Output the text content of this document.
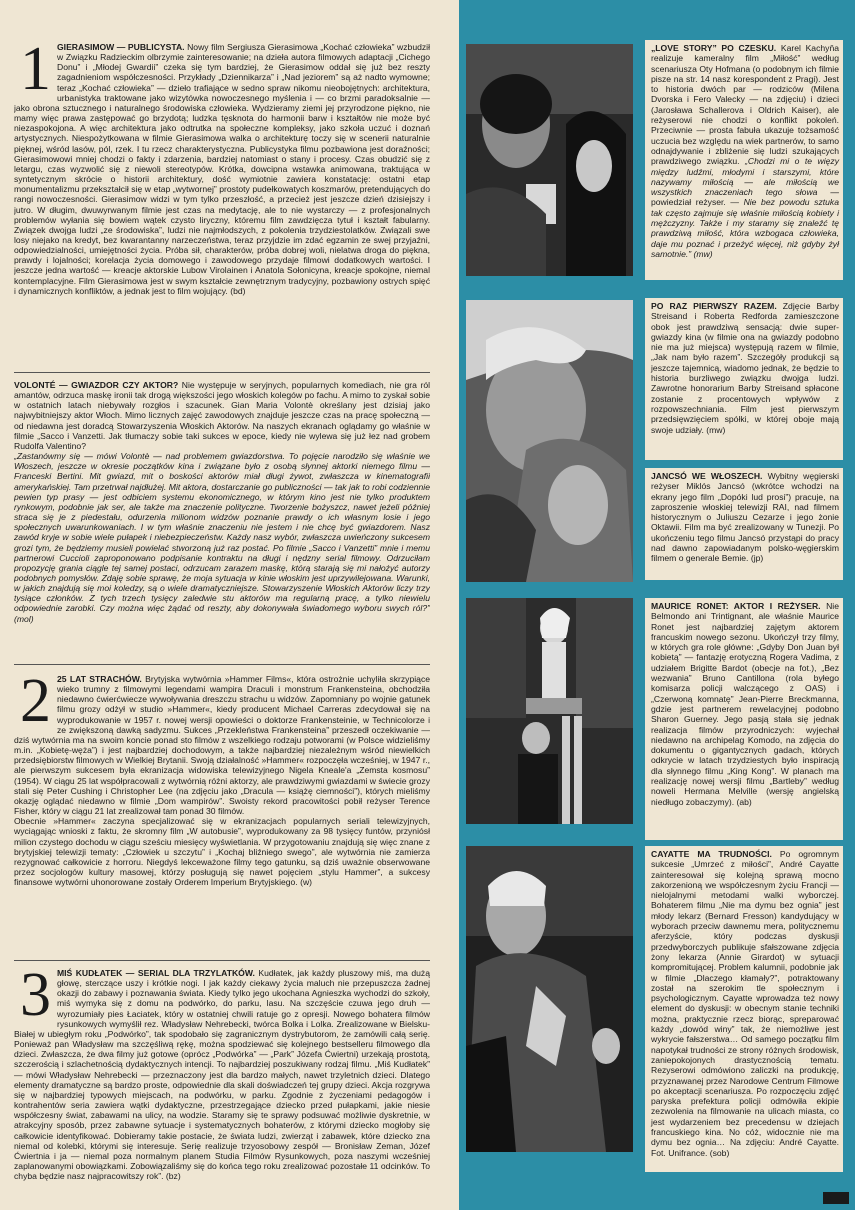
1 GIERASIMOW — PUBLICYSTA. Nowy film Sergiusza Gierasimowa „Kochać człowieka” wzbudził w Związku Radzieckim olbrzymie zainteresowanie; na dzieła autora filmowych adaptacji „Cichego Donu” i „Młodej Gwardii” czeka się tym bardziej, że Gierasimow oddał się już bez reszty zagadnieniom współczesności. Przykłady „Dziennikarza” i „Nad jeziorem” są aż nadto wymowne; teraz „Kochać człowieka” — dzieło trafiające w sedno spraw nikomu nieobojętnych: architektura, urbanistyka traktowane jako wizytówka nowoczesnego myślenia i — co brzmi paradoksalnie — jako obrona sztucznego i naturalnego środowiska człowieka. Wydzieramy ziemi jej przyrodzone piękno, nie mamy więc prawa zastępować go brzydotą; ludzka tęsknota do harmonii barw i kształtów nie może być niezaspokojona. A więc architektura jako odtrutka na społeczne kompleksy, jako szkoła uczuć i doznań artystycznych. Niespożytkowana w filmie Gierasimowa walka o architekturę toczy się w scenerii naturalnie pięknej, wśród lasów, pól, rzek. I tu rzecz charakterystyczna. Publicystyka filmu pozbawiona jest doraźności; Gierasimowowi mniej chodzi o fakty i zdarzenia, bardziej natomiast o stany i procesy. Czas obudzić się z letargu, czas wyzwolić się z niewoli stereotypów. Krótka, dowcipna wstawka animowana, traktująca w syntetycznym skrócie o historii architektury, dość wymiotnie zawiera konstatację: ostatni etap monumentalizmu przekształcił się w etap „wytwornej” prostoty pudełkowatych koszmarów, pretendujących do rangi nowoczesności. Gierasimow widzi w tym tylko przeszłość, a przecież jest jeszcze dzień dzisiejszy i jutro. W długim, dwuwyrwanym filmie jest czas na medytację, ale to nie wystarczy — z profesjonalnych problemów wyłania się bowiem wątek czysto liryczny, któremu film zawdzięcza tytuł i kształt fabularny. Związek dwojga ludzi „ze środowiska”, ludzi nie najmłodszych, z pokolenia trzydziestolatków. Związali swe losy niejako na kredyt, bez kwarantanny narzeczeństwa, teraz przyjdzie im zdać egzamin ze swej przyjaźni, odpowiedzialności, umiejętności życia. Próba sił, charakterów, próba dobrej woli, nielatwa droga do piękna, prawdy i lojalności; korelacja życia domowego i zawodowego przydaje filmowi dodatkowych wartości. I jeszcze jedna wartość — kreacje aktorskie Lubow Virolainen i Anatola Sołonicyna, kreacje spokojne, niemal kontemplacyjne. Film Gierasimowa jest w swym kształcie zewnętrznym tradycyjny, pozbawiony ostrych spięć i dynamicznych konfliktów, a jednak jest to film wojujący. (bd)

VOLONTÉ — GWIAZDOR CZY AKTOR? Nie występuje w seryjnych, popularnych komediach, nie gra ról amantów, odrzuca maskę ironii tak drogą większości jego włoskich kolegów po fachu. A mimo to zyskał sobie w ostatnich latach niebywały rozgłos i szacunek. Gian Maria Volontè określany jest dzisiaj jako najwybitniejszy aktor Włoch. Mimo licznych zajęć zawodowych znajduje jeszcze czas na pracę społeczną — od niedawna jest doradcą Stowarzyszenia Włoskich Aktorów. Na naszych ekranach oglądamy go właśnie w filmie „Sacco i Vanzetti. Jak tłumaczy sobie taki sukces w epoce, kiedy nie wylewa się już łez nad grobem Rudolfa Valentino?

„Zastanówmy się — mówi Volontè — nad problemem gwiazdorstwa. To pojęcie narodziło się właśnie we Włoszech, jeszcze w okresie początków kina i związane było z osobą słynnej aktorki niemego filmu — Franceski Bertini. Mit gwiazd, mit o boskości aktorów miał długi żywot, zwłaszcza w kinematografii amerykańskiej. Tam przetrwał najdłużej. Mit aktora, dostarczanie go publiczności — tak jak to robi codziennie pewien typ prasy — jest odbiciem systemu ekonomicznego, w którym kino jest nie tylko produktem rynkowym, podobnie jak ser, ale także ma znaczenie polityczne. Tworzenie bożyszcz, nawet jeżeli później straca się je z piedestału, odurzenia milionom widzów poznanie prawdy o ich własnym losie i jego społecznych uwarunkowaniach. I w tym właśnie znaczeniu nie jestem i nie chcę być gwiazdorem. Nasz zawód kryje w sobie wiele pułapek i niebezpieczeństw. Każdy nasz wybór, zwłaszcza uwieńczony sukcesem grozi tym, że będziemy musieli powielać stworzoną już raz postać. Po filmie „Sacco i Vanzetti” mnie i memu partnerowi Cuccioli zaproponowano podpisanie kontraktu na długi i nędzny serial filmowy. Odrzuciłam propozycję grania ciągle tej samej postaci, odrzucam zarazem maskę, którą starają się mi nałożyć autorzy podobnych pomysłów. Zdaję sobie sprawę, że moja sytuacja w kinie włoskim jest uprzywilejowana. Warunki, w jakich znajdują się moi koledzy, są o wiele dramatyczniejsze. Stowarzyszenie Włoskich Aktorów liczy trzy tysiące członków. Z tych trzech tysięcy zaledwie stu aktorów ma regularną pracę, a tylko niewielu odpowiednie zarobki. Czy można więc żądać od reszty, aby dokonywała świadomego wyboru swych ról?” (mol)

2 25 LAT STRACHÓW. Brytyjska wytwórnia »Hammer Films«, która ostrożnie uchyliła skrzypiące wieko trumny z filmowymi legendami wampira Draculi i monstrum Frankensteina, obchodziła niedawno ćwierćwiecze wywoływania dreszczu strachu u widzów. Zapomniany po wojnie gatunek filmu grozy odżył w studio »Hammer«, kiedy producent Michael Carreras zdecydował się na wyprodukowanie w 1957 r. nowej wersji opowieści o doktorze Frankensteinie, w Technicolorze i ze zwiększoną dawką sadyzmu. Sukces „Przekleństwa Frankensteina” przeszedł oczekiwanie — dziś wytwórnia ma na swoim koncie ponad sto filmów z wszelkiego rodzaju potworami (w Polsce widzieliśmy m.in. „Kobietę-węża”) i jest najbardziej dochodowym, a także najbardziej niezależnym wśród niewielkich przedsiębiorstw filmowych w Wielkiej Brytanii. Swoją działalność »Hammer« rozpoczęła wcześniej, w 1947 r., ale pierwszym sukcesem była ekranizacja widowiska telewizyjnego Nigela Kneale'a „Zemsta kosmosu” (1954). W ciągu 25 lat współpracowali z wytwórnią różni aktorzy, ale prawdziwymi gwiazdami w świecie grozy stali się Peter Cushing i Christopher Lee (na zdjęciu jako „Dracula — książę ciemności”), których mieliśmy okazję oglądać niedawno w filmie „Dom wampirów”. Swoisty rekord pracowitości pobił reżyser Terence Fisher, który w ciągu 21 lat zrealizował tam ponad 30 filmów.

Obecnie »Hammer« zaczyna specjalizować się w ekranizacjach popularnych seriali telewizyjnych, wyciągając wnioski z faktu, że skromny film „W autobusie”, wyprodukowany za 98 tysięcy funtów, przyniósł milion czystego dochodu w ciągu sześciu miesięcy wyświetlania. W przygotowaniu znajdują się więc znane z brytyjskiej telewizji tematy: „Człowiek u szczytu” i „Kochaj bliźniego swego”, ale wytwórnia nie zamierza rezygnować całkowicie z horroru. Niegdyś lekceważone filmy tego gatunku, są dziś uważnie obserwowane przez socjologów kultury masowej, którzy posługują się nawet pojęciem „stylu Hammer”, a sukcesy finansowe wytwórni uhonorowane zostały Orderem Imperium Brytyjskiego. (w)

3 MIŚ KUDŁATEK — SERIAL DLA TRZYLATKÓW. Kudłatek, jak każdy pluszowy miś, ma dużą głowę, sterczące uszy i krótkie nogi. I jak każdy ciekawy życia maluch nie przepuszcza żadnej okazji do zabawy i poznawania świata. Kiedy tylko jego ukochana Agnieszka wychodzi do szkoły, miś wymyka się z domu na podwórko, do parku, lasu. Na szczęście czuwa jego druh — wyrozumiały pies Łaciatek, który w ostatniej chwili ratuje go z opresji. Nowego bohatera filmów rysunkowych wymyślił rez. Władysław Nehrebecki, twórca Bolka i Lolka. Zrealizowane w Bielsku-Białej w ubiegłym roku „Podwórko”, tak spodobało się zagranicznym dystrybutorom, że zamówili całą serię. Ponieważ pan Władysław ma szczęśliwą rękę, można spodziewać się kolejnego bestselleru filmowego dla dzieci. Zwłaszcza, że dwa filmy już gotowe (oprócz „Podwórka” — „Park” Józefa Ćwiertni) urzekają prostotą, szczerością i szlachetnością dydaktycznych intencji. To najbardziej poszukiwany rodzaj filmu. „Miś Kudłatek” — mówi Władysław Nehrebecki — przeznaczony jest dla bardzo małych, nawet trzyletnich dzieci. Dlatego elementy dramatyczne są bardzo proste, odpowiednie dla skali doświadczeń tej grupy dzieci. Akcja rozgrywa się w najbardziej typowych miejscach, na podwórku, w parku. Zgodnie z życzeniami pedagogów i kontrahentów seria zawiera wątki dydaktyczne, przestrzegające dziecko przed pułapkami, jakie niesie współczesny świat, zabawami na ulicy, na wodzie. Staramy się te sprawy podsuwać możliwie dyskretnie, w atrakcyjny sposób, przez zabawne sytuacje i systematycznych bohaterów, z którymi dziecko mogłoby się całkowicie identyfikować. Dobieramy takie postacie, że świata ludzi, zwierząt i zabawek, które dziecko zna niemal od kolebki, którymi się interesuje. Serię realizuje trzyosobowy zespół — Bronisław Zeman, Józef Ćwiertnia i ja — niemal poza normalnym planem Studia Filmów Rysunkowych, poza naszymi wcześniej zaplanowanymi obowiązkami. Zobowiązaliśmy się do końca tego roku zrealizować pozostałe 11 odcinków. To chyba będzie nasz najpracowitszy rok”. (bz)

„LOVE STORY” PO CZESKU. Karel Kachyňa realizuje kameralny film „Miłość” według scenariusza Oty Hofmana (o podobnym ich filmie pisze na str. 14 nasz korespondent z Pragi). Jest to historia dwóch par — rodziców (Milena Dvorska i Fero Valecky — na zdjęciu) i dzieci (Jarosława Schallerova i Oldrich Kaiser), ale reżyserowi nie chodzi o konflikt pokoleń. Przeciwnie — prosta fabuła ukazuje tożsamość uczucia bez względu na wiek partnerów, to samo odnajdywanie i zbliżenie się ludzi szukających prawdziwego związku. „Chodzi mi o te więzy między ludźmi, młodymi i starszymi, które nazywamy miłością — ale miłością we wszystkich znaczeniach tego słowa — powiedział reżyser. — Nie bez powodu sztuka tak często zajmuje się właśnie miłością kobiety i mężczyzny. Także i my staramy się znaleźć tę prawdziwą miłość, która wzbogaca człowieka, daje mu poznać i przeżyć więcej, niż gdyby żył samotnie.” (mw)

PO RAZ PIERWSZY RAZEM. Zdjęcie Barby Streisand i Roberta Redforda zamieszczone obok jest prawdziwą sensacją: dwie super-gwiazdy kina (w filmie ona na gwiazdy podobno nie ma już miejsca) występują razem w filmie, „Jak nam było razem”. Szczegóły produkcji są jeszcze tajemnicą, wiadomo jednak, że będzie to historia burzliwego związku dwojga ludzi. Zawrotne honorarium Barby Streisand spłacone zostanie z procentowych wpływów z rozpowszechniania. Film jest pierwszym przedsięwzięciem spółki, w której oboje mają swoje udziały. (mw)

JANCSÓ WE WŁOSZECH. Wybitny węgierski reżyser Miklós Jancsó (wkrótce wchodzi na ekrany jego film „Dopóki lud prosi”) pracuje, na zaproszenie włoskiej telewizji RAI, nad filmem historycznym o Juliuszu Cezarze i jego żonie Oktawii. Film ma być zrealizowany w Tunezji. Po ukończeniu tego filmu Jancsó przystąpi do pracy nad dawno zapowiadanym polsko-węgierskim filmem o generale Bemie. (jp)

MAURICE RONET: AKTOR I REŻYSER. Nie Belmondo ani Trintignant, ale właśnie Maurice Ronet jest najbardziej zajętym aktorem francuskim nowego sezonu. Ukończył trzy filmy, w których gra role główne: „Gdyby Don Juan był kobietą” — fantazję erotyczną Rogera Vadima, z udziałem Brigitte Bardot (obecje na fot.), „Bez wezwania” Bruno Cantillona (rola byłego komisarza policji walczącego z OAS) i „Czerwoną komnatę” Jean-Pierre Breckmanna, gdzie jest partnerem rewelacyjnej podobno Sharon Guerney. Jego pasją stała się jednak realizacja filmów przyrodniczych: wyjechał niedawno na archipelag Komodo, na zdjęcia do dokumentu o gigantycznych gadach, których odkrycie w latach trzydziestych było inspiracją dla słynnego filmu „King Kong”. W planach ma realizację nowej wersji filmu „Bartleby” według noweli Hermana Melville (wersję angielską niedługo zobaczymy). (ab)

CAYATTE MA TRUDNOŚCI. Po ogromnym sukcesie „Umrzeć z miłości”, André Cayatte zainteresował się kolejną sprawą mocno zakorzenioną we współczesnym życiu Francji — nielojalnymi metodami walki wyborczej. Bohaterem filmu „Nie ma dymu bez ognia” jest młody lekarz (Bernard Fresson) kandydujący w wyborach przeciw dawnemu mera, politycznemu aferzyście, który podczas dyskusji przedwyborczych publikuje sfałszowane zdjęcia żony lekarza (Annie Girardot) w sytuacji kompromitującej. Problem kalumnii, podobnie jak w filmie „Dlaczego kłamały?”, potraktowany został na szerokim tle społecznym i psychologicznym. Cayatte wprowadza też nowy element do dyskusji: w obecnym stanie techniki można, praktycznie rzecz biorąc, spreparować każdy „dowód winy” tak, że niemożliwe jest wykrycie fałszerstwa… Od samego początku film napotykał trudności ze strony różnych środowisk, zaniepokojonych drastycznością tematu. Rezyserowi odmówiono zaliczki na produkcję, przyznawanej przez Narodowe Centrum Filmowe po akceptacji scenariusza. Po rozpoczęciu zdjęć paryska prefektura policji odmówiła ekipie zezwolenia na filmowanie na ulicach miasta, co jest wydarzeniem bez precedensu w dziejach francuskiego kina. No cóż, widocznie nie ma dymu bez ognia… Na zdjęciu: André Cayatte. Fot. Unifrance. (sob)

13
